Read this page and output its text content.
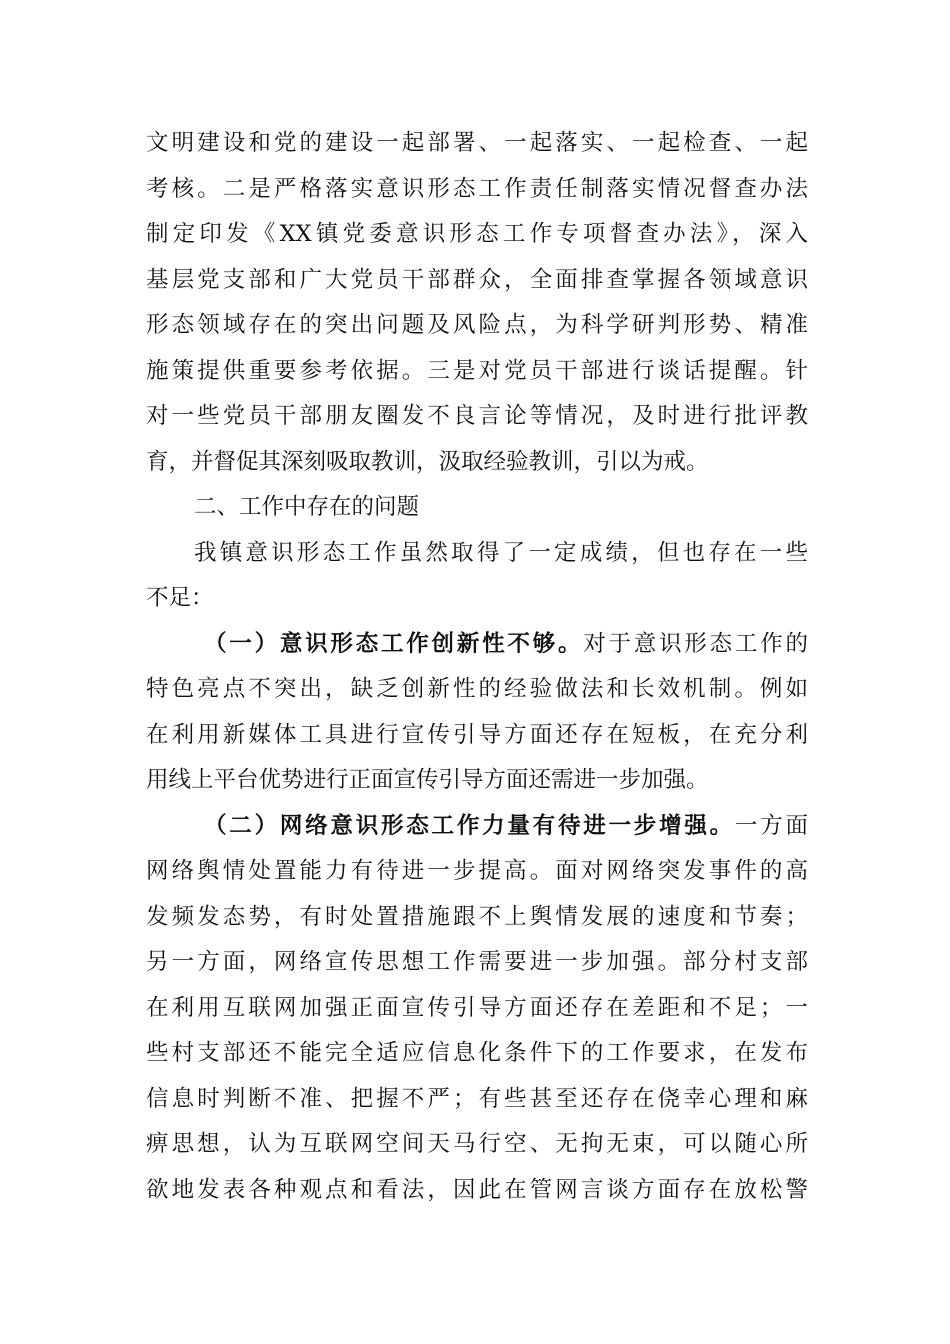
文明建设和党的建设一起部署、一起落实、一起检查、一起
考核。二是严格落实意识形态工作责任制落实情况督查办法
制定印发《XX镇党委意识形态工作专项督查办法》，深入
基层党支部和广大党员干部群众，全面排查掌握各领域意识
形态领域存在的突出问题及风险点，为科学研判形势、精准
施策提供重要参考依据。三是对党员干部进行谈话提醒。针
对一些党员干部朋友圈发不良言论等情况，及时进行批评教
育，并督促其深刻吸取教训，汲取经验教训，引以为戒。
二、工作中存在的问题
我镇意识形态工作虽然取得了一定成绩，但也存在一些
不足：
（一）意识形态工作创新性不够。对于意识形态工作的
特色亮点不突出，缺乏创新性的经验做法和长效机制。例如
在利用新媒体工具进行宣传引导方面还存在短板，在充分利
用线上平台优势进行正面宣传引导方面还需进一步加强。
（二）网络意识形态工作力量有待进一步增强。一方面
网络舆情处置能力有待进一步提高。面对网络突发事件的高
发频发态势，有时处置措施跟不上舆情发展的速度和节奏；
另一方面，网络宣传思想工作需要进一步加强。部分村支部
在利用互联网加强正面宣传引导方面还存在差距和不足；一
些村支部还不能完全适应信息化条件下的工作要求，在发布
信息时判断不准、把握不严；有些甚至还存在侥幸心理和麻
痹思想，认为互联网空间天马行空、无拘无束，可以随心所
欲地发表各种观点和看法，因此在管网言谈方面存在放松警
